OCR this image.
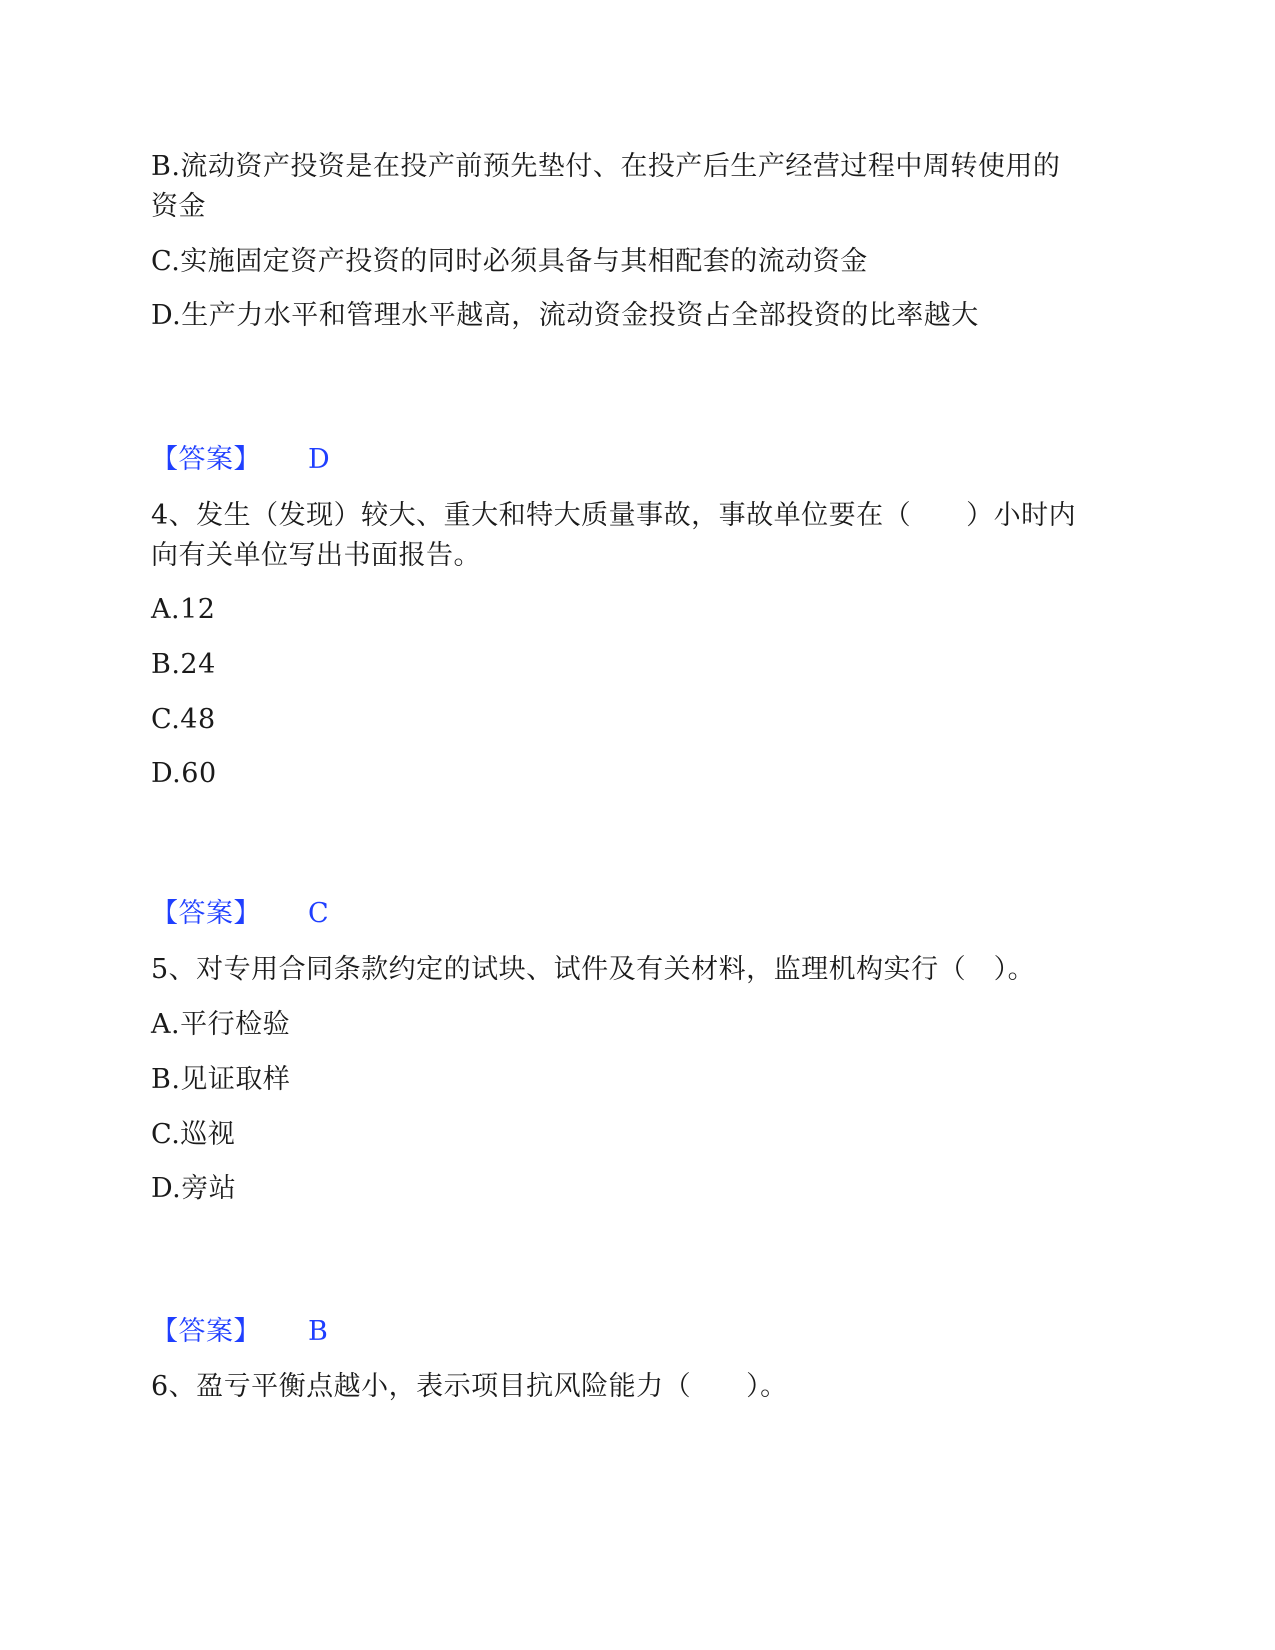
B.流动资产投资是在投产前预先垫付、在投产后生产经营过程中周转使用的
资金
C.实施固定资产投资的同时必须具备与其相配套的流动资金
D.生产力水平和管理水平越高，流动资金投资占全部投资的比率越大
【答案】 D
4、发生（发现）较大、重大和特大质量事故，事故单位要在（　　）小时内
向有关单位写出书面报告。
A.12
B.24
C.48
D.60
【答案】 C
5、对专用合同条款约定的试块、试件及有关材料，监理机构实行（　）。
A.平行检验
B.见证取样
C.巡视
D.旁站
【答案】 B
6、盈亏平衡点越小，表示项目抗风险能力（　　）。
